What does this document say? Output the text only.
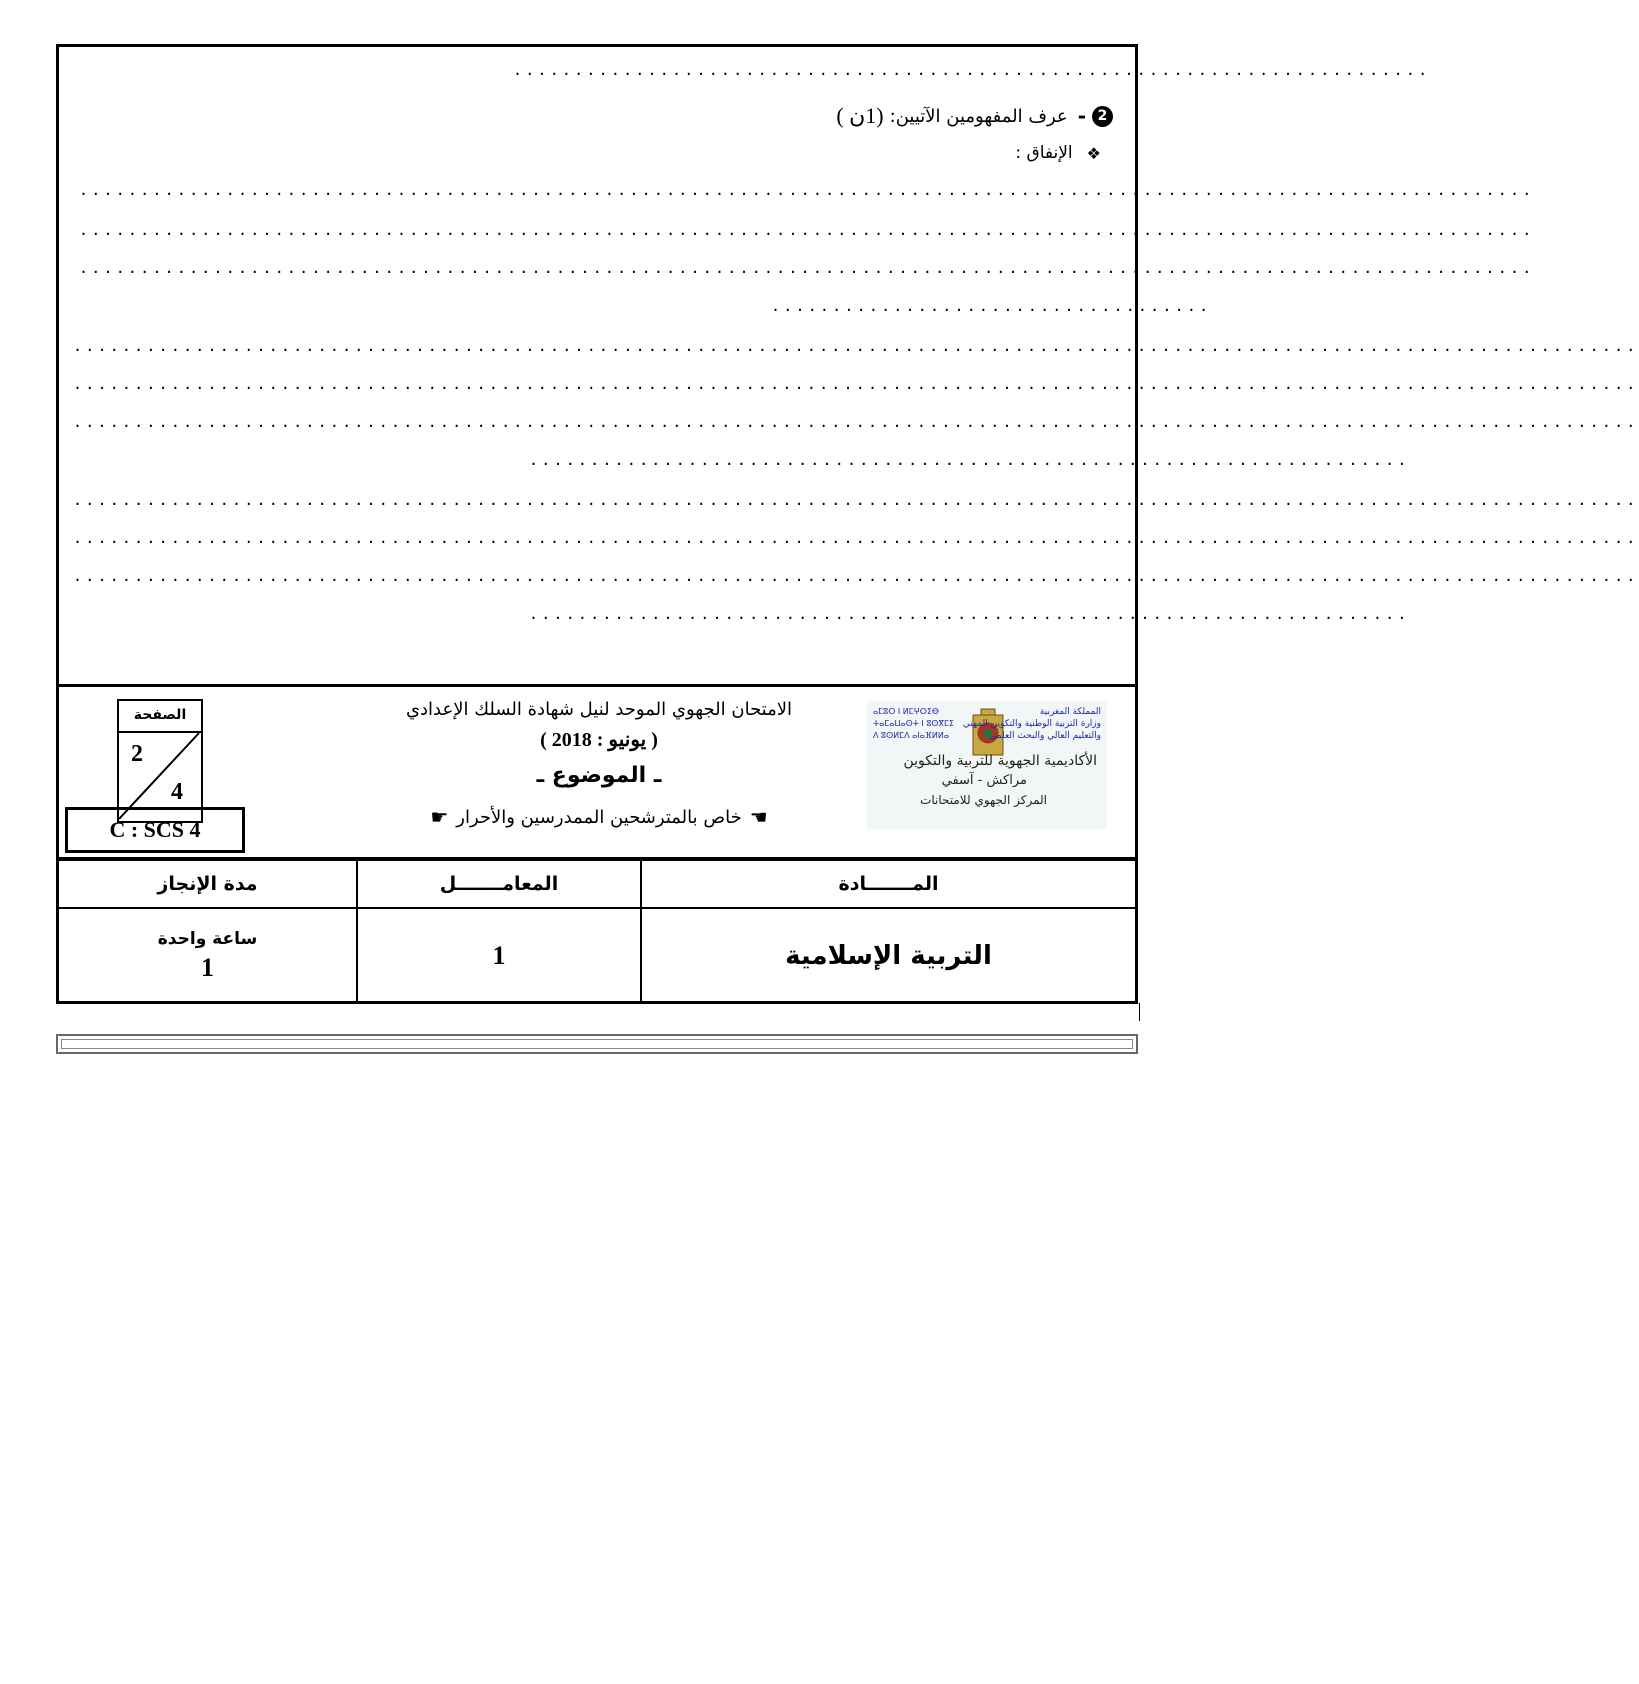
...........................................................................
2
-
عرف المفهومين الآتيين:
(1ن )
❖
الإنفاق :
.......................................................................................................................
.......................................................................................................................
.......................................................................................................................
....................................
................................................................................................................................
................................................................................................................................
................................................................................................................................
........................................................................
................................................................................................................................
................................................................................................................................
................................................................................................................................
........................................................................
الصفحة
2
4
C : SCS 4
الامتحان الجهوي الموحد لنيل شهادة السلك الإعدادي
( يونيو : 2018 )
ـ الموضوع ـ
☚
خاص بالمترشحين الممدرسين والأحرار
☛
المملكة المغربية
وزارة التربية الوطنية والتكوين المهني
والتعليم العالي والبحث العلمي
ⴰⵎⵓⵔ ⵏ ⵍⵎⵖⵔⵉⴱ
ⵜⴰⵎⴰⵡⴰⵙⵜ ⵏ ⵓⵙⴳⵎⵉ
ⴷ ⵓⵙⵍⵎⴷ ⴰⵏⴰⴼⵍⵍⴰ
الأكاديمية الجهوية للتربية والتكوين
مراكش - آسفي
المركز الجهوي للامتحانات
مدة الإنجاز	المعامـــــــل	المـــــــادة

ساعة واحدة
1	1	التربية الإسلامية
